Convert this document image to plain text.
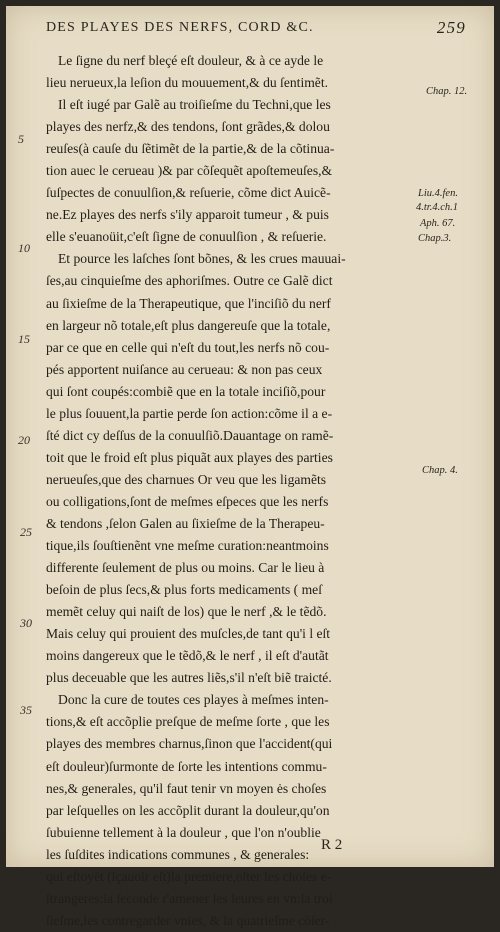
DES PLAYES DES NERFS, CORD &C.	259
Le ſigne du nerf bleçé eſt douleur, & à ce ayde le
lieu nerueux,la leſion du mouuement,& du ſentimẽt.
Il eſt iugé par Galẽ au troiſieſme du Techni,que les
playes des nerfz,& des tendons, ſont grãdes,& dolou
reuſes(à cauſe du ſẽtimẽt de la partie,& de la cõtinua-
tion auec le cerueau )& par cõſequẽt apoſtemeuſes,&
ſuſpectes de conuulſion,& reſuerie, cõme dict Auicẽ-
ne.Ez playes des nerfs s'ily apparoit tumeur , & puis
elle s'euanoüit,c'eſt ſigne de conuulſion , & reſuerie.
Et pource les laſches ſont bõnes, & les crues mauuai-
ſes,au cinquieſme des aphoriſmes. Outre ce Galẽ dict
au ſixieſme de la Therapeutique, que l'inciſiõ du nerf
en largeur nõ totale,eſt plus dangereuſe que la totale,
par ce que en celle qui n'eſt du tout,les nerfs nõ cou-
pés apportent nuiſance au cerueau: & non pas ceux
qui ſont coupés:combiẽ que en la totale inciſiõ,pour
le plus ſouuent,la partie perde ſon action:cõme il a e-
ſté dict cy deſſus de la conuulſiõ.Dauantage on ramẽ-
toit que le froid eſt plus piquãt aux playes des parties
nerueuſes,que des charnues Or veu que les ligamẽts
ou colligations,ſont de meſmes eſpeces que les nerfs
& tendons ,ſelon Galen au ſixieſme de la Therapeu-
tique,ils ſouſtienẽnt vne meſme curation:neantmoins
differente ſeulement de plus ou moins. Car le lieu à
beſoin de plus ſecs,& plus forts medicaments ( meſ
memẽt celuy qui naiſt de los) que le nerf ,& le tẽdõ.
Mais celuy qui prouient des muſcles,de tant qu'i l eſt
moins dangereux que le tẽdõ,& le nerf , il eſt d'autãt
plus deceuable que les autres liẽs,s'il n'eſt biẽ traicté.
Donc la cure de toutes ces playes à meſmes inten-
tions,& eſt accõplie preſque de meſme ſorte , que les
playes des membres charnus,ſinon que l'accident(qui
eſt douleur)ſurmonte de ſorte les intentions commu-
nes,& generales, qu'il faut tenir vn moyen ės choſes
par leſquelles on les accõplit durant la douleur,qu'on
ſubuienne tellement à la douleur , que l'on n'oublie
les ſuſdites indications communes , & generales:
qui eſtoyẽt (ſçauoir eſt)la premiere,oſter les choſes e-
ſtrangeres:la ſeconde r'amener les leures en vn:la troi
ſieſme,les contregarder vnies, & la quatrieſme cõſer-
Chap. 12.
Liu.4.fen.
4.tr.4.ch.1
Aph. 67.
Chap.3.
Chap. 4.
5
10
15
20
25
30
35
R 2
